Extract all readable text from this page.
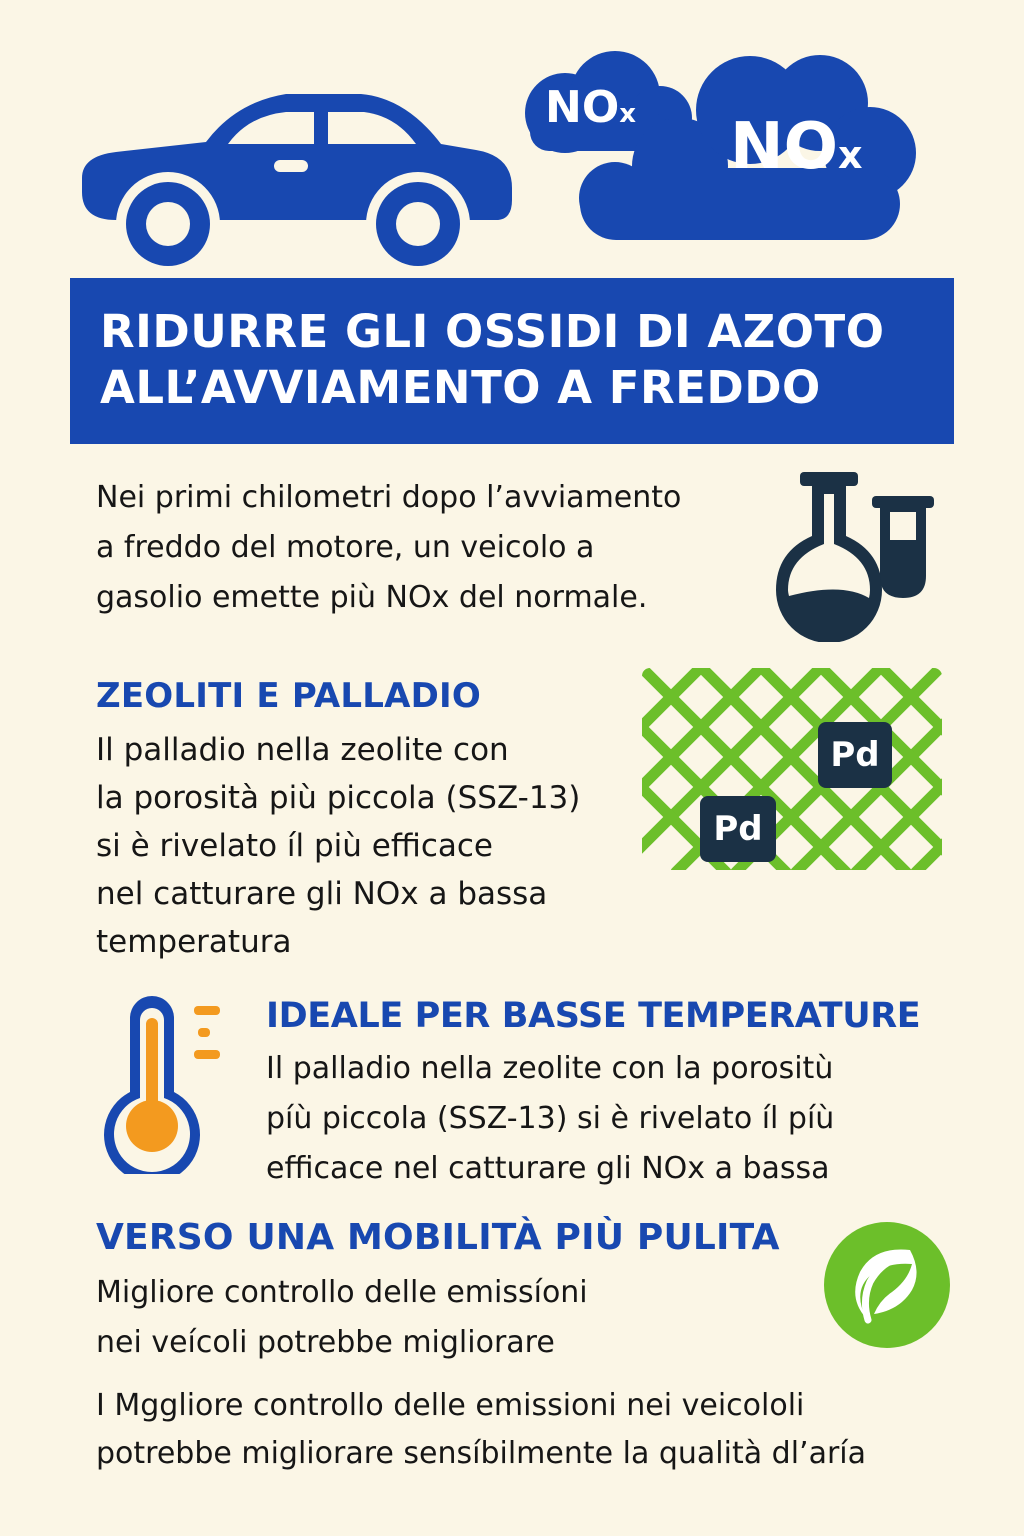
NOx NOx
RIDURRE GLI OSSIDI DI AZOTO
ALL’AVVIAMENTO A FREDDO
Nei primi chilometri dopo l’avviamento
a freddo del motore, un veicolo a
gasolio emette più NOx del normale.
ZEOLITI E PALLADIO
Il palladio nella zeolite con
la porosità più piccola (SSZ-13)
si è rivelato íl più efficace
nel catturare gli NOx a bassa
temperatura
Pd
Pd
IDEALE PER BASSE TEMPERATURE
Il palladio nella zeolite con la porositù
píù piccola (SSZ-13) si è rivelato íl píù
efficace nel catturare gli NOx a bassa
VERSO UNA MOBILITÀ PIÙ PULITA
Migliore controllo delle emissíoni
nei veícoli potrebbe migliorare
I Mggliore controllo delle emissioni nei veicololi
potrebbe migliorare sensíbilmente la qualità dl’aría
